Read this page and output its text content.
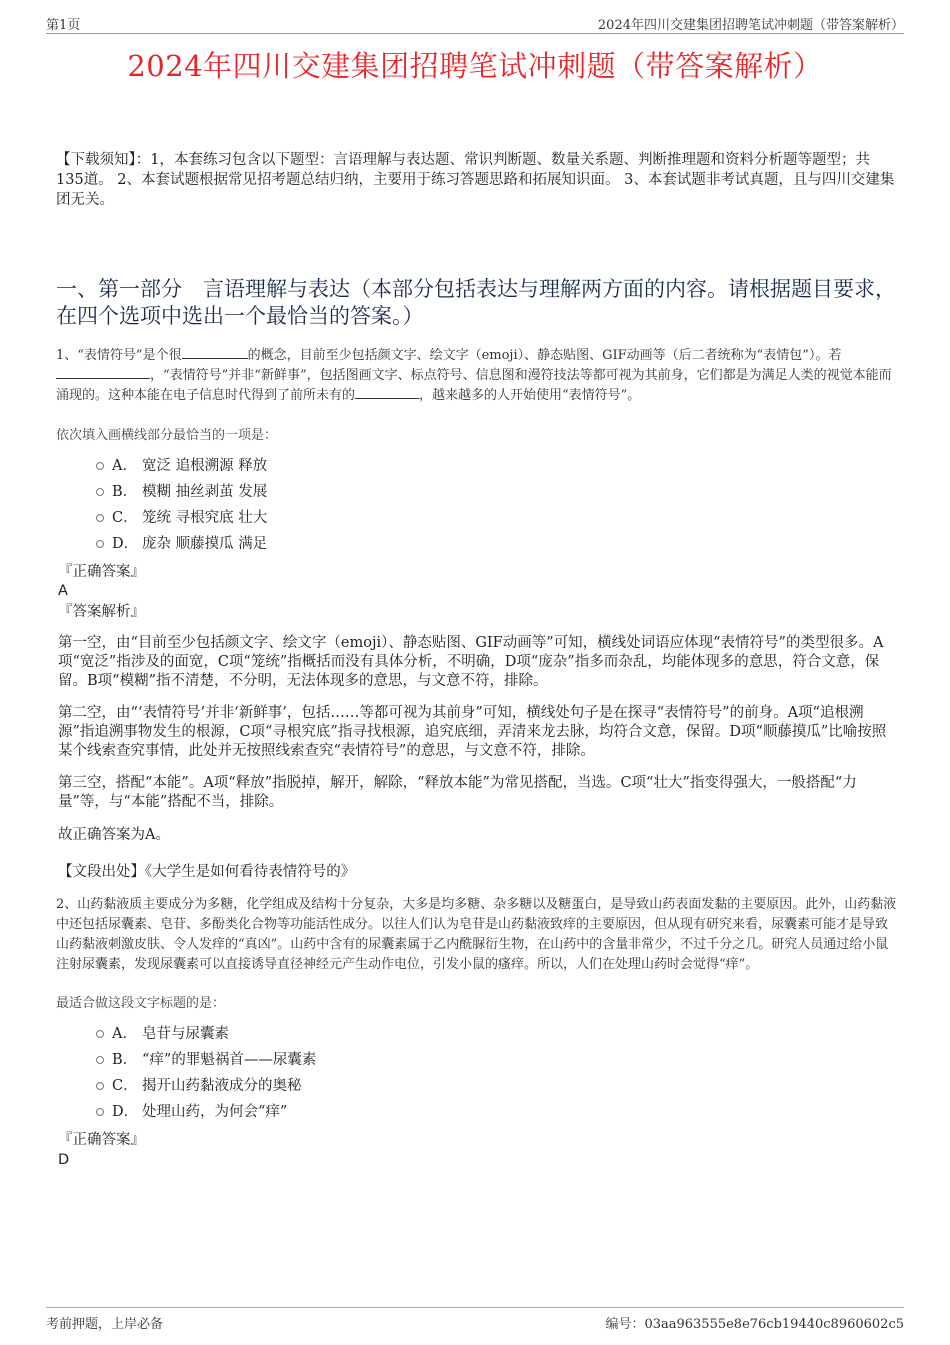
第1页	2024年四川交建集团招聘笔试冲刺题（带答案解析）
2024年四川交建集团招聘笔试冲刺题（带答案解析）
【下载须知】：1，本套练习包含以下题型：言语理解与表达题、常识判断题、数量关系题、判断推理题和资料分析题等题型；共135道。 2、本套试题根据常见招考题总结归纳，主要用于练习答题思路和拓展知识面。 3、本套试题非考试真题，且与四川交建集团无关。
一、第一部分　言语理解与表达（本部分包括表达与理解两方面的内容。请根据题目要求，在四个选项中选出一个最恰当的答案。）
1、“表情符号”是个很	的概念，目前至少包括颜文字、绘文字（emoji）、静态贴图、GIF动画等（后二者统称为“表情包”）。若，“表情符号”并非“新鲜事”，包括图画文字、标点符号、信息图和漫符技法等都可视为其前身，它们都是为满足人类的视觉本能而涌现的。这种本能在电子信息时代得到了前所未有的	，越来越多的人开始使用“表情符号”。
依次填入画横线部分最恰当的一项是：
A． 宽泛 追根溯源 释放
B． 模糊 抽丝剥茧 发展
C． 笼统 寻根究底 壮大
D． 庞杂 顺藤摸瓜 满足
『正确答案』
A
『答案解析』
第一空，由“目前至少包括颜文字、绘文字（emoji）、静态贴图、GIF动画等”可知，横线处词语应体现“表情符号”的类型很多。A项“宽泛”指涉及的面宽，C项“笼统”指概括而没有具体分析，不明确，D项“庞杂”指多而杂乱，均能体现多的意思，符合文意，保留。B项“模糊”指不清楚，不分明，无法体现多的意思，与文意不符，排除。
第二空，由“‘表情符号’并非‘新鲜事’，包括……等都可视为其前身”可知，横线处句子是在探寻“表情符号”的前身。A项“追根溯源”指追溯事物发生的根源，C项“寻根究底”指寻找根源，追究底细，弄清来龙去脉，均符合文意，保留。D项“顺藤摸瓜”比喻按照某个线索查究事情，此处并无按照线索查究“表情符号”的意思，与文意不符，排除。
第三空，搭配“本能”。A项“释放”指脱掉，解开，解除，“释放本能”为常见搭配，当选。C项“壮大”指变得强大，一般搭配“力量”等，与“本能”搭配不当，排除。
故正确答案为A。
【文段出处】《大学生是如何看待表情符号的》
2、山药黏液质主要成分为多糖，化学组成及结构十分复杂，大多是均多糖、杂多糖以及糖蛋白，是导致山药表面发黏的主要原因。此外，山药黏液中还包括尿囊素、皂苷、多酚类化合物等功能活性成分。以往人们认为皂苷是山药黏液致痒的主要原因，但从现有研究来看，尿囊素可能才是导致山药黏液刺激皮肤、令人发痒的“真凶”。山药中含有的尿囊素属于乙内酰脲衍生物，在山药中的含量非常少，不过千分之几。研究人员通过给小鼠注射尿囊素，发现尿囊素可以直接诱导直径神经元产生动作电位，引发小鼠的瘙痒。所以，人们在处理山药时会觉得“痒”。
最适合做这段文字标题的是：
A． 皂苷与尿囊素
B． “痒”的罪魁祸首——尿囊素
C． 揭开山药黏液成分的奥秘
D． 处理山药，为何会“痒”
『正确答案』
D
考前押题，上岸必备	编号：03aa963555e8e76cb19440c8960602c5
